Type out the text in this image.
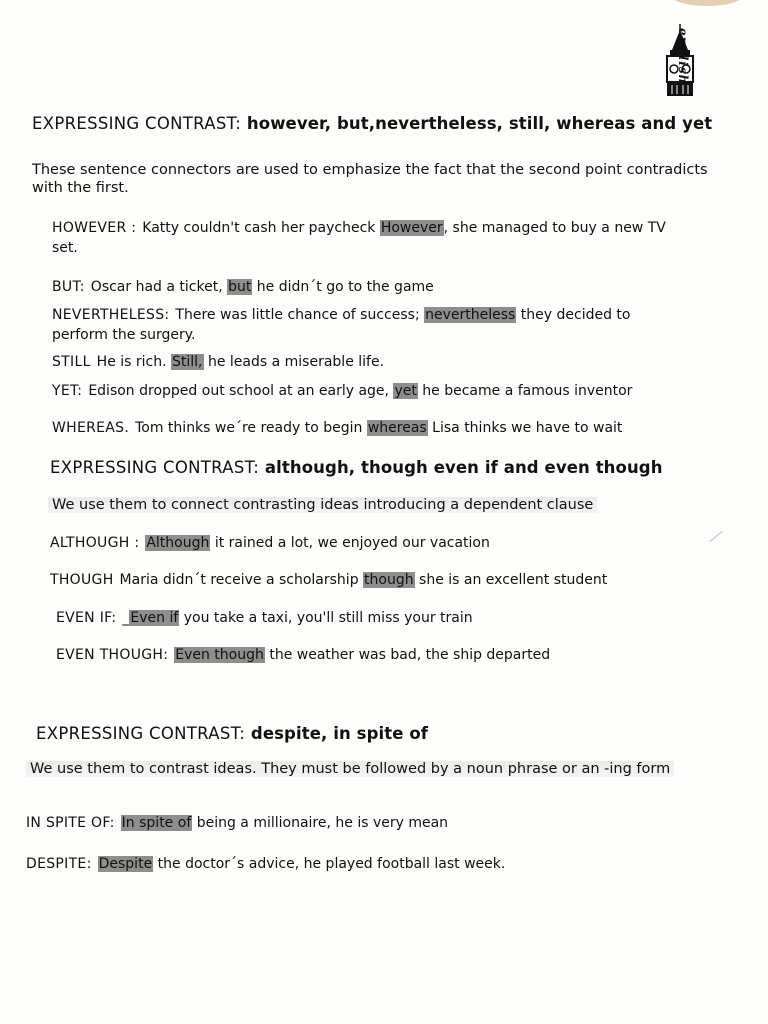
english
EXPRESSING CONTRAST: however, but,nevertheless, still, whereas and yet
These sentence connectors are used to emphasize the fact that the second point contradicts
with the first.
HOWEVER : Katty couldn't cash her paycheck However, she managed to buy a new TV
set.
BUT: Oscar had a ticket, but he didn´t go to the game
NEVERTHELESS: There was little chance of success; nevertheless they decided to
perform the surgery.
STILL He is rich. Still, he leads a miserable life.
YET: Edison dropped out school at an early age, yet he became a famous inventor
WHEREAS. Tom thinks we´re ready to begin whereas Lisa thinks we have to wait
EXPRESSING CONTRAST: although, though even if and even though
We use them to connect contrasting ideas introducing a dependent clause
ALTHOUGH : Although it rained a lot, we enjoyed our vacation
THOUGH Maria didn´t receive a scholarship though she is an excellent student
EVEN IF: _Even if you take a taxi, you'll still miss your train
EVEN THOUGH: Even though the weather was bad, the ship departed
EXPRESSING CONTRAST: despite, in spite of
We use them to contrast ideas. They must be followed by a noun phrase or an -ing form
IN SPITE OF: In spite of being a millionaire, he is very mean
DESPITE: Despite the doctor´s advice, he played football last week.
